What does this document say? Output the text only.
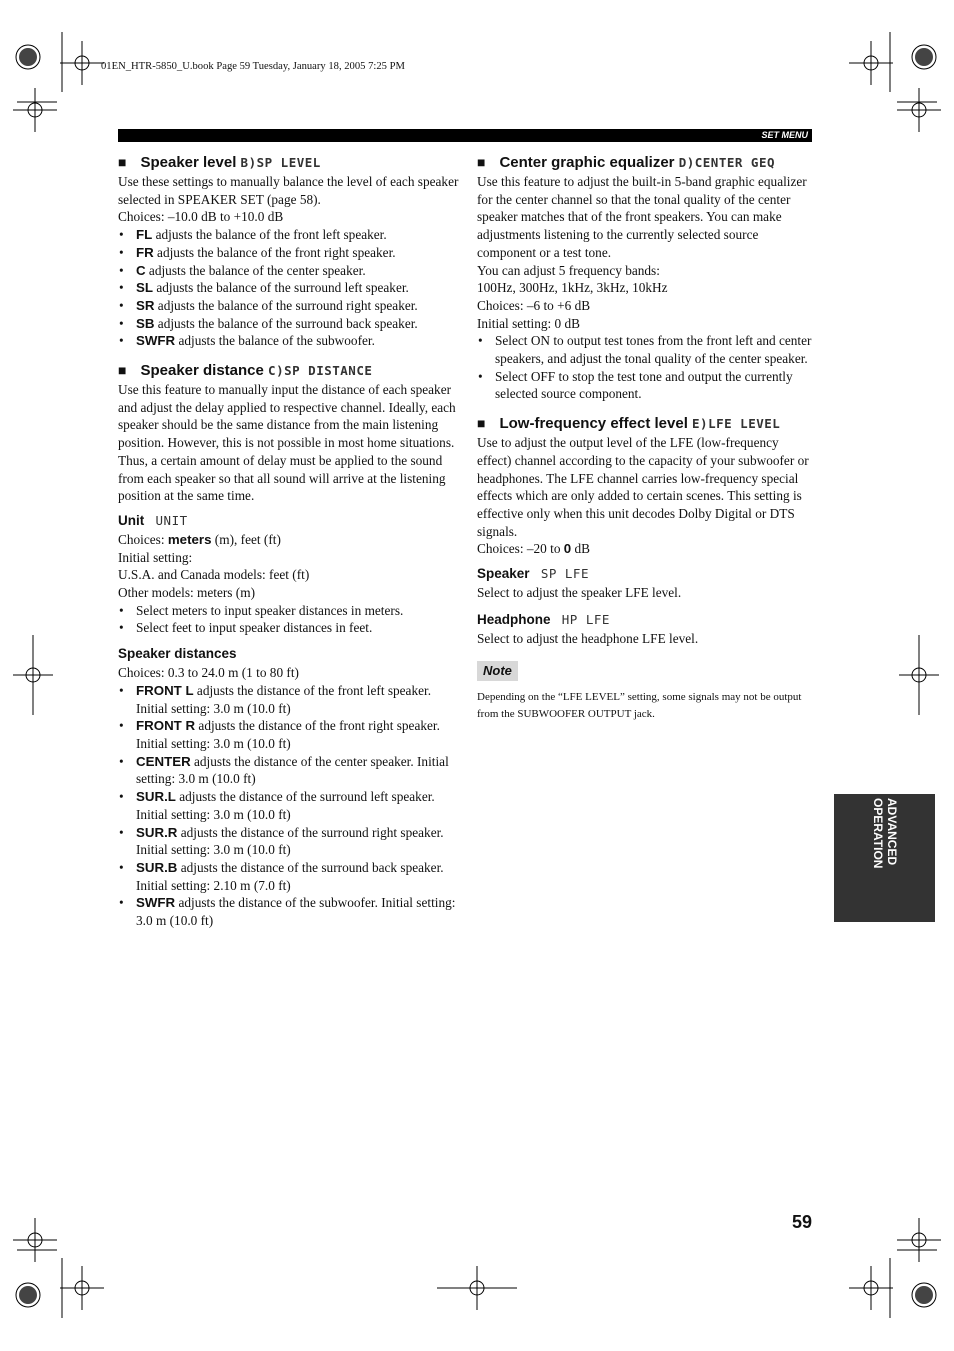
01EN_HTR-5850_U.book Page 59 Tuesday, January 18, 2005 7:25 PM
SET MENU

■ Speaker level B)SP LEVEL

Use these settings to manually balance the level of each speaker selected in SPEAKER SET (page 58).

Choices: –10.0 dB to +10.0 dB

• FL adjusts the balance of the front left speaker.
• FR adjusts the balance of the front right speaker.
• C adjusts the balance of the center speaker.
• SL adjusts the balance of the surround left speaker.
• SR adjusts the balance of the surround right speaker.
• SB adjusts the balance of the surround back speaker.
• SWFR adjusts the balance of the subwoofer.

■ Speaker distance C)SP DISTANCE

Use this feature to manually input the distance of each speaker and adjust the delay applied to respective channel. Ideally, each speaker should be the same distance from the main listening position. However, this is not possible in most home situations. Thus, a certain amount of delay must be applied to the sound from each speaker so that all sound will arrive at the listening position at the same time.

Unit UNIT

Choices: meters (m), feet (ft)

Initial setting:

U.S.A. and Canada models: feet (ft)

Other models: meters (m)

• Select meters to input speaker distances in meters.
• Select feet to input speaker distances in feet.

Speaker distances

Choices: 0.3 to 24.0 m (1 to 80 ft)

• FRONT L adjusts the distance of the front left speaker. Initial setting: 3.0 m (10.0 ft)
• FRONT R adjusts the distance of the front right speaker. Initial setting: 3.0 m (10.0 ft)
• CENTER adjusts the distance of the center speaker. Initial setting: 3.0 m (10.0 ft)
• SUR.L adjusts the distance of the surround left speaker. Initial setting: 3.0 m (10.0 ft)
• SUR.R adjusts the distance of the surround right speaker. Initial setting: 3.0 m (10.0 ft)
• SUR.B adjusts the distance of the surround back speaker. Initial setting: 2.10 m (7.0 ft)
• SWFR adjusts the distance of the subwoofer. Initial setting: 3.0 m (10.0 ft)

■ Center graphic equalizer D)CENTER GEQ

Use this feature to adjust the built-in 5-band graphic equalizer for the center channel so that the tonal quality of the center speaker matches that of the front speakers. You can make adjustments listening to the currently selected source component or a test tone.

You can adjust 5 frequency bands:

100Hz, 300Hz, 1kHz, 3kHz, 10kHz

Choices: –6 to +6 dB

Initial setting: 0 dB

• Select ON to output test tones from the front left and center speakers, and adjust the tonal quality of the center speaker.
• Select OFF to stop the test tone and output the currently selected source component.

■ Low-frequency effect level E)LFE LEVEL

Use to adjust the output level of the LFE (low-frequency effect) channel according to the capacity of your subwoofer or headphones. The LFE channel carries low-frequency special effects which are only added to certain scenes. This setting is effective only when this unit decodes Dolby Digital or DTS signals.

Choices: –20 to 0 dB

Speaker SP LFE

Select to adjust the speaker LFE level.

Headphone HP LFE

Select to adjust the headphone LFE level.

Note

Depending on the “LFE LEVEL” setting, some signals may not be output from the SUBWOOFER OUTPUT jack.

ADVANCED
OPERATION
59
